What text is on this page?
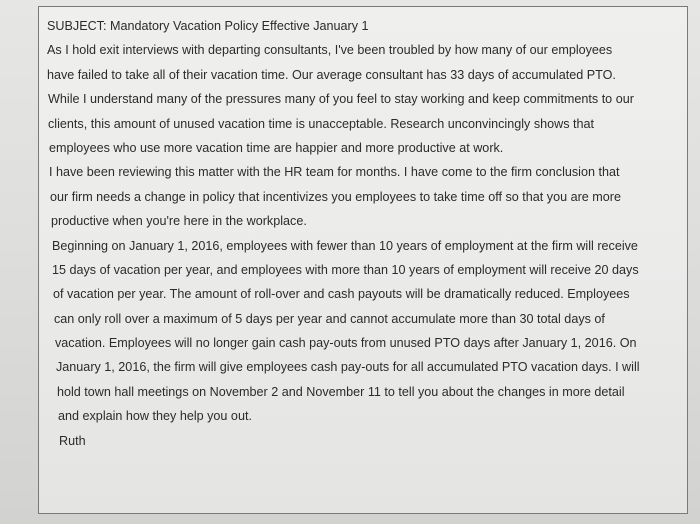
SUBJECT: Mandatory Vacation Policy Effective January 1
As I hold exit interviews with departing consultants, I've been troubled by how many of our employees
have failed to take all of their vacation time. Our average consultant has 33 days of accumulated PTO.
While I understand many of the pressures many of you feel to stay working and keep commitments to our
clients, this amount of unused vacation time is unacceptable. Research unconvincingly shows that
employees who use more vacation time are happier and more productive at work.
I have been reviewing this matter with the HR team for months. I have come to the firm conclusion that
our firm needs a change in policy that incentivizes you employees to take time off so that you are more
productive when you're here in the workplace.
Beginning on January 1, 2016, employees with fewer than 10 years of employment at the firm will receive
15 days of vacation per year, and employees with more than 10 years of employment will receive 20 days
of vacation per year. The amount of roll-over and cash payouts will be dramatically reduced. Employees
can only roll over a maximum of 5 days per year and cannot accumulate more than 30 total days of
vacation. Employees will no longer gain cash pay-outs from unused PTO days after January 1, 2016. On
January 1, 2016, the firm will give employees cash pay-outs for all accumulated PTO vacation days. I will
hold town hall meetings on November 2 and November 11 to tell you about the changes in more detail
and explain how they help you out.
Ruth
